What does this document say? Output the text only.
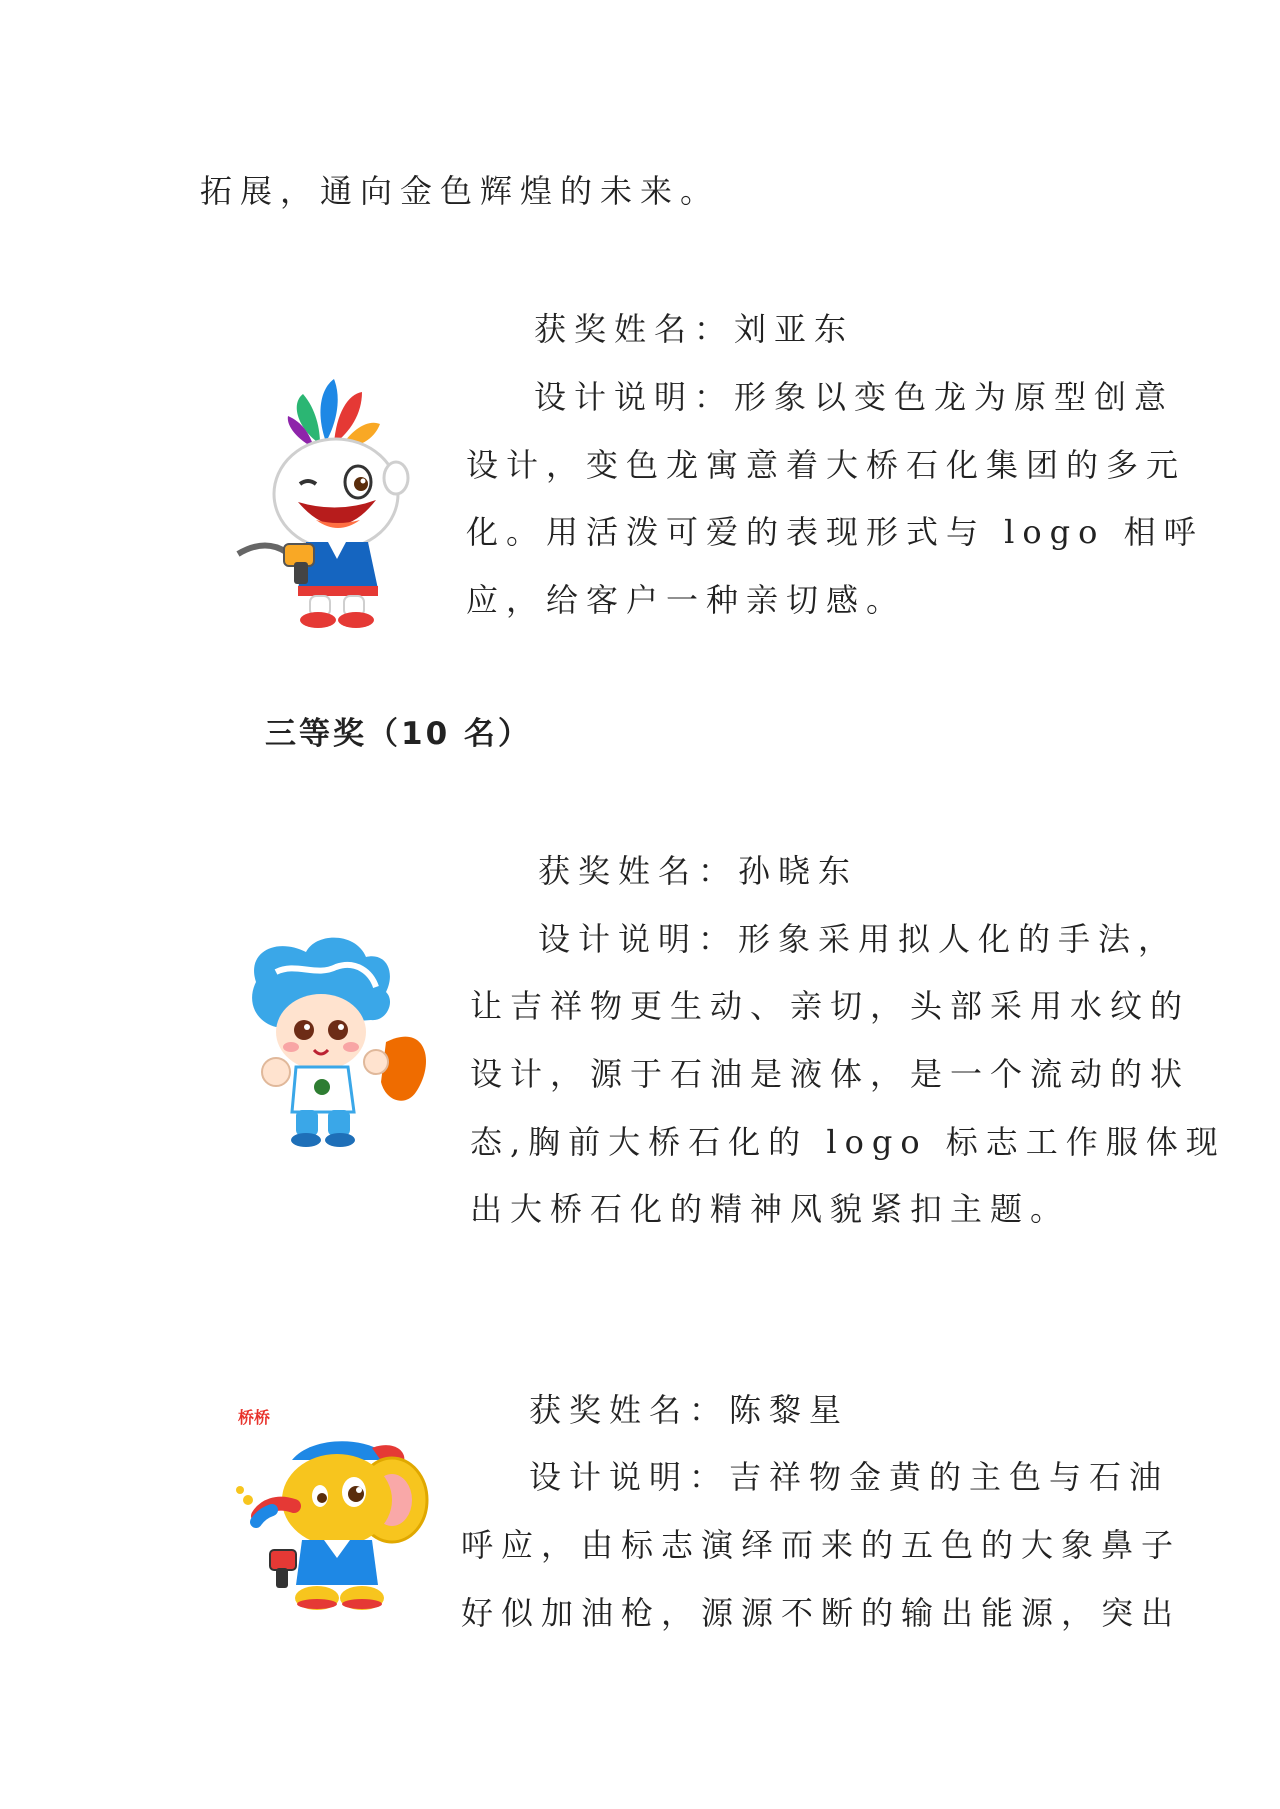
拓展，通向金色辉煌的未来。
获奖姓名：刘亚东
设计说明：形象以变色龙为原型创意
设计，变色龙寓意着大桥石化集团的多元
化。用活泼可爱的表现形式与 logo 相呼
应，给客户一种亲切感。
三等奖（10 名）
获奖姓名：孙晓东
设计说明：形象采用拟人化的手法，
让吉祥物更生动、亲切，头部采用水纹的
设计，源于石油是液体，是一个流动的状
态,胸前大桥石化的 logo 标志工作服体现
出大桥石化的精神风貌紧扣主题。
获奖姓名：陈黎星
设计说明：吉祥物金黄的主色与石油
呼应，由标志演绎而来的五色的大象鼻子
好似加油枪，源源不断的输出能源，突出
桥桥
